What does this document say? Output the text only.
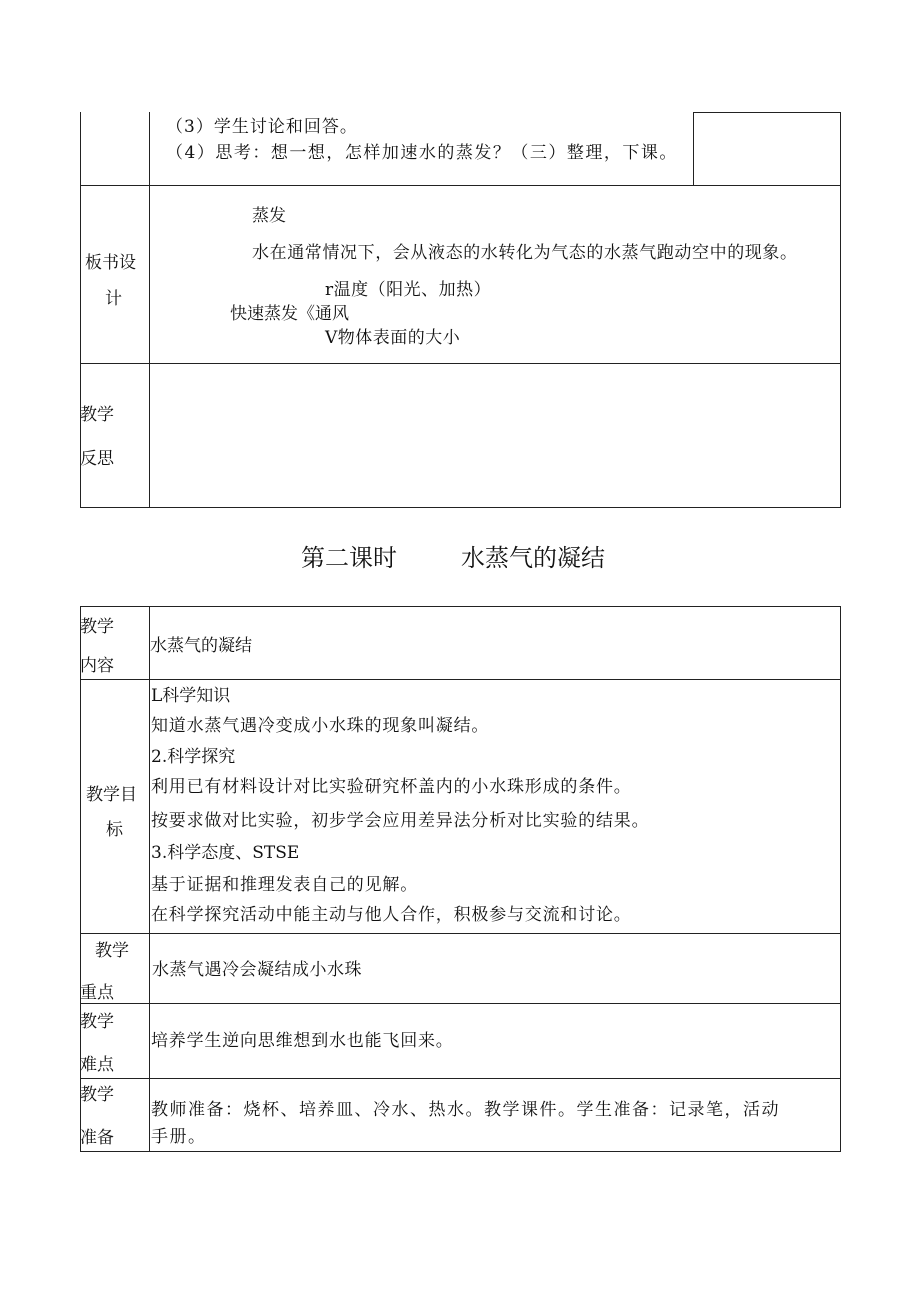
（3）学生讨论和回答。
（4）思考：想一想，怎样加速水的蒸发？（三）整理，下课。
板书设
计
蒸发
水在通常情况下，会从液态的水转化为气态的水蒸气跑动空中的现象。
r温度（阳光、加热）
快速蒸发《通风
V物体表面的大小
教学
反思
第二课时	水蒸气的凝结
教学
内容
水蒸气的凝结
教学目
标
L科学知识
知道水蒸气遇冷变成小水珠的现象叫凝结。
2.科学探究
利用已有材料设计对比实验研究杯盖内的小水珠形成的条件。
按要求做对比实验，初步学会应用差异法分析对比实验的结果。
3.科学态度、STSE
基于证据和推理发表自己的见解。
在科学探究活动中能主动与他人合作，积极参与交流和讨论。
教学
重点
水蒸气遇冷会凝结成小水珠
教学
难点
培养学生逆向思维想到水也能飞回来。
教学
准备
教师准备：烧杯、培养皿、冷水、热水。教学课件。学生准备：记录笔，活动
手册。
